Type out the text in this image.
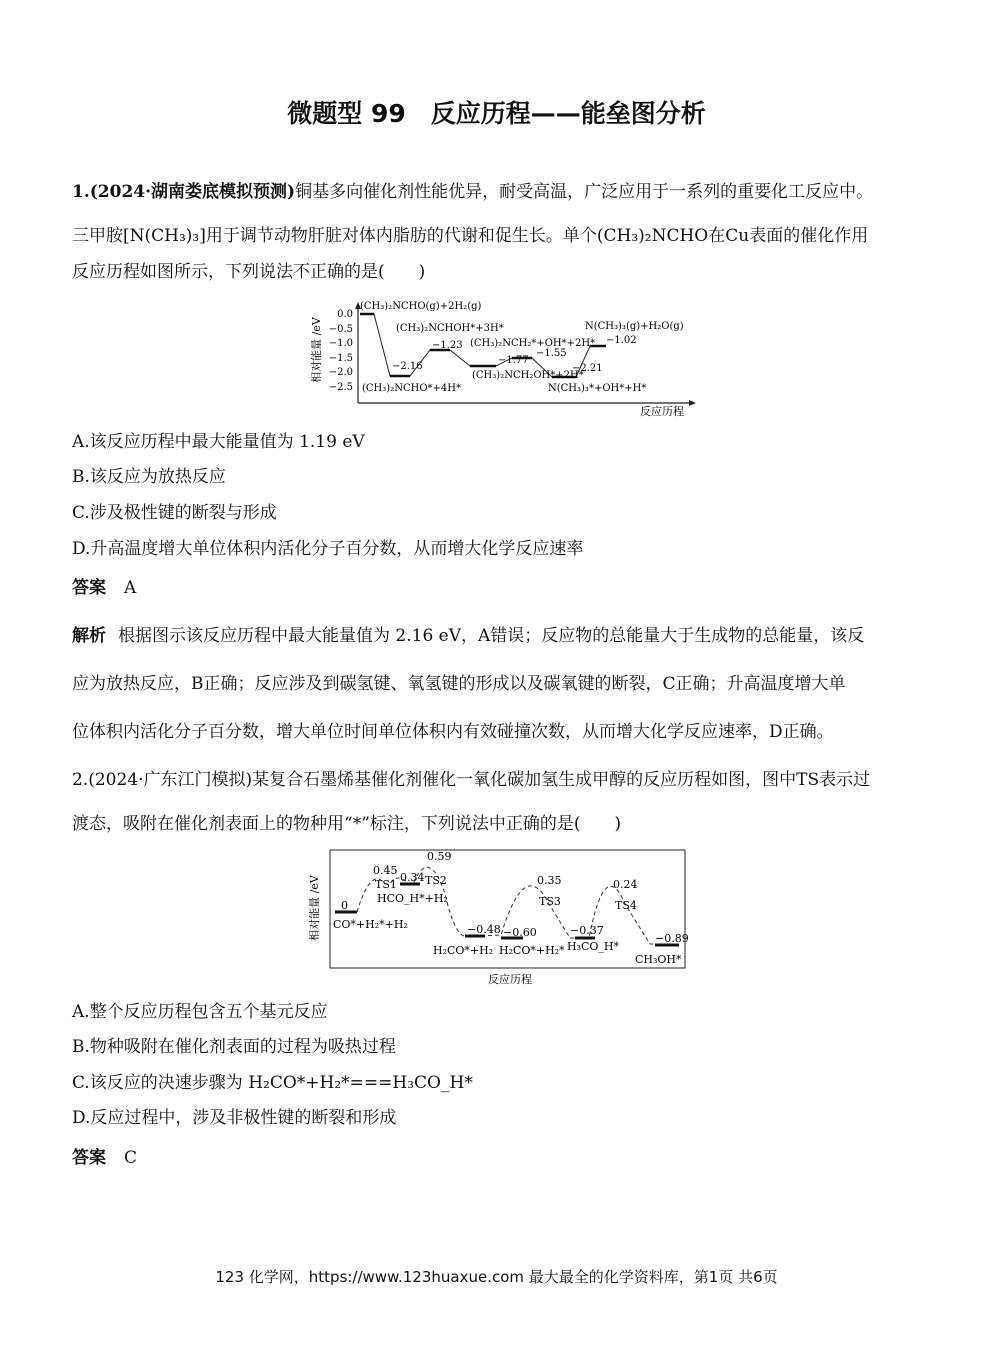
微题型 99　反应历程——能垒图分析
1.(2024·湖南娄底模拟预测)铜基多向催化剂性能优异，耐受高温，广泛应用于一系列的重要化工反应中。
三甲胺[N(CH₃)₃]用于调节动物肝脏对体内脂肪的代谢和促生长。单个(CH₃)₂NCHO在Cu表面的催化作用
反应历程如图所示，下列说法不正确的是(　　)
相对能量 /eV
反应历程
0.0
−0.5
−1.0
−1.5
−2.0
−2.5
(CH₃)₂NCHO(g)+2H₂(g)
(CH₃)₂NCHO*+4H*
−2.16
(CH₃)₂NCHOH*+3H*
−1.23
(CH₃)₂NCH₂OH*+2H*
−1.77
(CH₃)₂NCH₂*+OH*+2H*
−1.55
N(CH₃)₃*+OH*+H*
−2.21
N(CH₃)₃(g)+H₂O(g)
−1.02
A.该反应历程中最大能量值为 1.19 eV
B.该反应为放热反应
C.涉及极性键的断裂与形成
D.升高温度增大单位体积内活化分子百分数，从而增大化学反应速率
答案 A
解析 根据图示该反应历程中最大能量值为 2.16 eV，A错误；反应物的总能量大于生成物的总能量，该反
应为放热反应，B正确；反应涉及到碳氢键、氧氢键的形成以及碳氧键的断裂，C正确；升高温度增大单
位体积内活化分子百分数，增大单位时间单位体积内有效碰撞次数，从而增大化学反应速率，D正确。
2.(2024·广东江门模拟)某复合石墨烯基催化剂催化一氧化碳加氢生成甲醇的反应历程如图，图中TS表示过
渡态，吸附在催化剂表面上的物种用“*”标注，下列说法中正确的是(　　)
相对能量 /eV
反应历程
0
CO*+H₂*+H₂
0.45
TS1
0.34
HCO_H*+H₂
0.59
TS2
−0.48
H₂CO*+H₂
−0.60
H₂CO*+H₂*
0.35
TS3
−0.37
H₃CO_H*
0.24
TS4
−0.89
CH₃OH*
A.整个反应历程包含五个基元反应
B.物种吸附在催化剂表面的过程为吸热过程
C.该反应的决速步骤为 H₂CO*+H₂*===H₃CO_H*
D.反应过程中，涉及非极性键的断裂和形成
答案 C
123 化学网，https://www.123huaxue.com 最大最全的化学资料库，第1页 共6页
